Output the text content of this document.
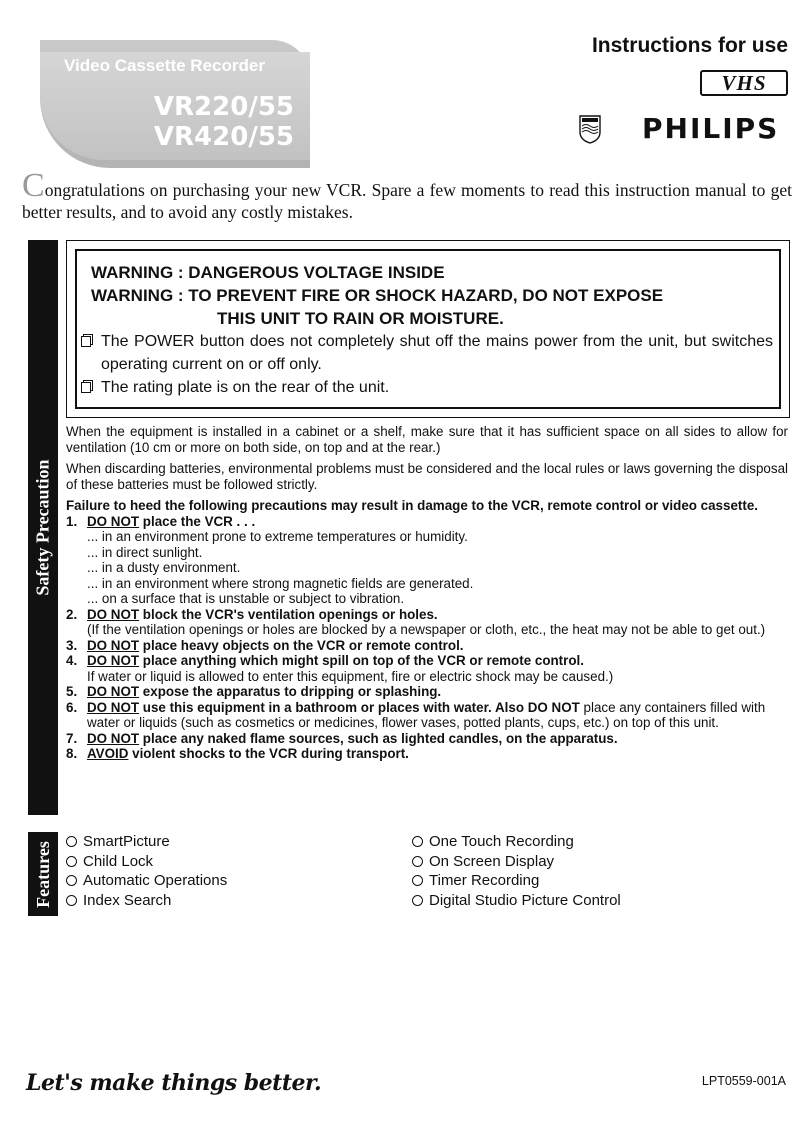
Video Cassette Recorder
VR220/55
VR420/55
Instructions for use
VHS
PHILIPS
Congratulations on purchasing your new VCR. Spare a few moments to read this instruction manual to get better results, and to avoid any costly mistakes.
Safety Precaution
Features
WARNING : DANGEROUS VOLTAGE INSIDE
WARNING : TO PREVENT FIRE OR SHOCK HAZARD, DO NOT EXPOSE
THIS UNIT TO RAIN OR MOISTURE.
The POWER button does not completely shut off the mains power from the unit, but switches operating current on or off only.
The rating plate is on the rear of the unit.
When the equipment is installed in a cabinet or a shelf, make sure that it has sufficient space on all sides to allow for ventilation (10 cm or more on both side, on top and at the rear.)
When discarding batteries, environmental problems must be considered and the local rules or laws governing the disposal of these batteries must be followed strictly.
Failure to heed the following precautions may result in damage to the VCR, remote control or video cassette.
1. DO NOT place the VCR . . .
... in an environment prone to extreme temperatures or humidity.
... in direct sunlight.
... in a dusty environment.
... in an environment where strong magnetic fields are generated.
... on a surface that is unstable or subject to vibration.
2. DO NOT block the VCR's ventilation openings or holes.
(If the ventilation openings or holes are blocked by a newspaper or cloth, etc., the heat may not be able to get out.)
3. DO NOT place heavy objects on the VCR or remote control.
4. DO NOT place anything which might spill on top of the VCR or remote control.
If water or liquid is allowed to enter this equipment, fire or electric shock may be caused.)
5. DO NOT expose the apparatus to dripping or splashing.
6. DO NOT use this equipment in a bathroom or places with water. Also DO NOT place any containers filled with water or liquids (such as cosmetics or medicines, flower vases, potted plants, cups, etc.) on top of this unit.
7. DO NOT place any naked flame sources, such as lighted candles, on the apparatus.
8. AVOID violent shocks to the VCR during transport.
SmartPicture
Child Lock
Automatic Operations
Index Search
One Touch Recording
On Screen Display
Timer Recording
Digital Studio Picture Control
Let's make things better.	LPT0559-001A
